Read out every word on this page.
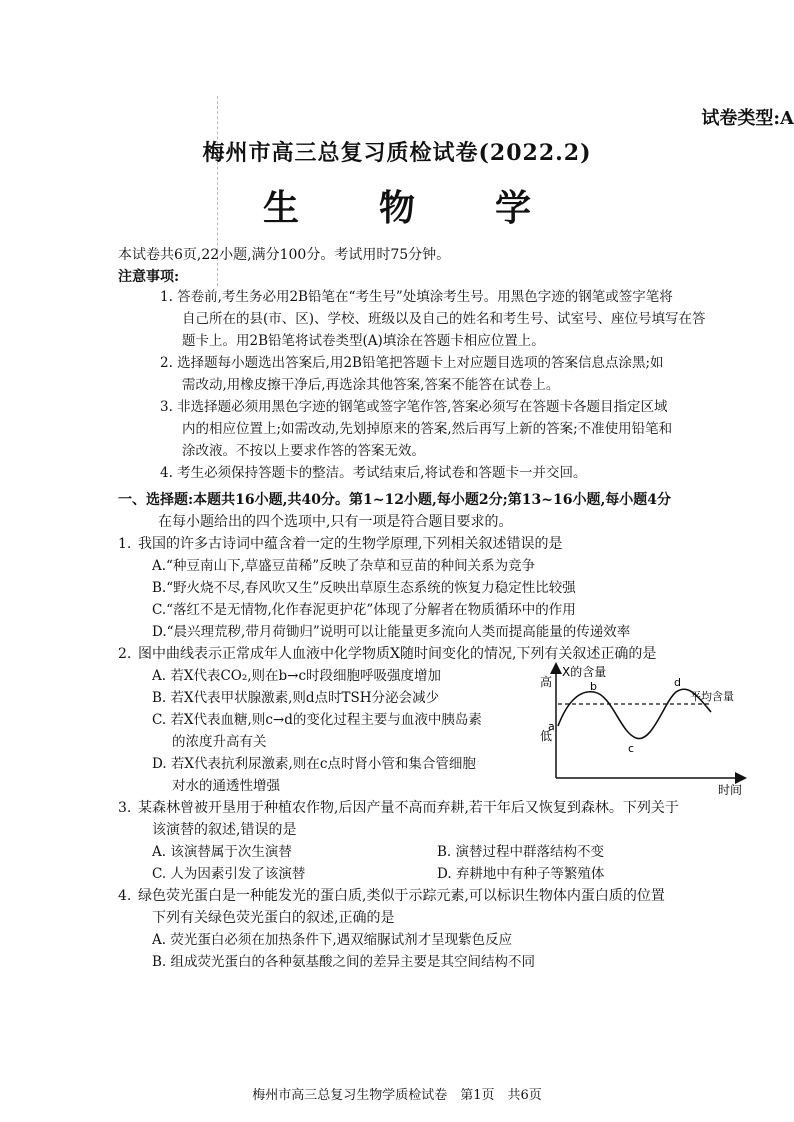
试卷类型:A
梅州市高三总复习质检试卷(2022.2)
生 物 学
本试卷共6页,22小题,满分100分。考试用时75分钟。
注意事项:
1. 答卷前,考生务必用2B铅笔在“考生号”处填涂考生号。用黑色字迹的钢笔或签字笔将
自己所在的县(市、区)、学校、班级以及自己的姓名和考生号、试室号、座位号填写在答
题卡上。用2B铅笔将试卷类型(A)填涂在答题卡相应位置上。
2. 选择题每小题选出答案后,用2B铅笔把答题卡上对应题目选项的答案信息点涂黑;如
需改动,用橡皮擦干净后,再选涂其他答案,答案不能答在试卷上。
3. 非选择题必须用黑色字迹的钢笔或签字笔作答,答案必须写在答题卡各题目指定区域
内的相应位置上;如需改动,先划掉原来的答案,然后再写上新的答案;不准使用铅笔和
涂改液。不按以上要求作答的答案无效。
4. 考生必须保持答题卡的整洁。考试结束后,将试卷和答题卡一并交回。
一、选择题:本题共16小题,共40分。第1~12小题,每小题2分;第13~16小题,每小题4分
在每小题给出的四个选项中,只有一项是符合题目要求的。
1. 我国的许多古诗词中蕴含着一定的生物学原理,下列相关叙述错误的是
A.“种豆南山下,草盛豆苗稀”反映了杂草和豆苗的种间关系为竞争
B.“野火烧不尽,春风吹又生”反映出草原生态系统的恢复力稳定性比较强
C.“落红不是无情物,化作春泥更护花”体现了分解者在物质循环中的作用
D.“晨兴理荒秽,带月荷锄归”说明可以让能量更多流向人类而提高能量的传递效率
2. 图中曲线表示正常成年人血液中化学物质X随时间变化的情况,下列有关叙述正确的是
A. 若X代表CO₂,则在b→c时段细胞呼吸强度增加
B. 若X代表甲状腺激素,则d点时TSH分泌会减少
C. 若X代表血糖,则c→d的变化过程主要与血液中胰岛素
的浓度升高有关
D. 若X代表抗利尿激素,则在c点时肾小管和集合管细胞
对水的通透性增强
X的含量
高
低
时间
平均含量
a
b
c
d
3. 某森林曾被开垦用于种植农作物,后因产量不高而弃耕,若干年后又恢复到森林。下列关于
该演替的叙述,错误的是
A. 该演替属于次生演替	B. 演替过程中群落结构不变
C. 人为因素引发了该演替	D. 弃耕地中有种子等繁殖体
4. 绿色荧光蛋白是一种能发光的蛋白质,类似于示踪元素,可以标识生物体内蛋白质的位置
下列有关绿色荧光蛋白的叙述,正确的是
A. 荧光蛋白必须在加热条件下,遇双缩脲试剂才呈现紫色反应
B. 组成荧光蛋白的各种氨基酸之间的差异主要是其空间结构不同
梅州市高三总复习生物学质检试卷　第1页　共6页
